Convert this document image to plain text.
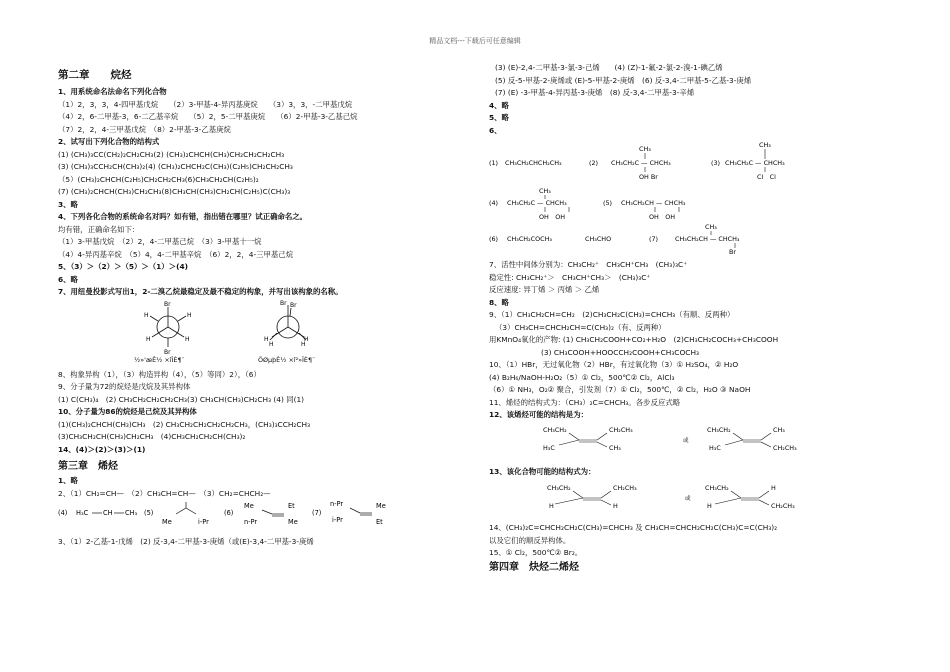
精品文档---下载后可任意编辑
第二章　　烷烃
1、用系统命名法命名下列化合物
（1）2，3，3，4-四甲基戊烷　　（2）3-甲基-4-异丙基庚烷　　（3）3，3，-二甲基戊烷
（4）2，6-二甲基-3，6-二乙基辛烷　　（5）2，5-二甲基庚烷　　（6）2-甲基-3-乙基己烷
（7）2，2，4-三甲基戊烷　（8）2-甲基-3-乙基庚烷
2、试写出下列化合物的结构式
(1) (CH₃)₃CC(CH₂)₂CH₂CH₃(2) (CH₃)₂CHCH(CH₃)CH₂CH₂CH₂CH₃
(3) (CH₃)₃CCH₂CH(CH₃)₂(4) (CH₃)₂CHCH₂C(CH₃)(C₂H₅)CH₂CH₂CH₃
（5）(CH₃)₂CHCH(C₂H₅)CH₂CH₂CH₃(6)CH₃CH₂CH(C₂H₅)₂
(7) (CH₃)₂CHCH(CH₃)CH₂CH₃(8)CH₃CH(CH₃)CH₂CH(C₂H₅)C(CH₃)₃
3、略
4、下列各化合物的系统命名对吗？如有错，指出错在哪里？试正确命名之。
均有错，正确命名如下：
（1）3-甲基戊烷　（2）2，4-二甲基己烷　（3）3-甲基十一烷
（4）4-异丙基辛烷　（5）4，4-二甲基辛烷　（6）2，2，4-三甲基己烷
5、（3）＞（2）＞（5）＞（1）＞(4)
6、略
7、用纽曼投影式写出1，2-二溴乙烷最稳定及最不稳定的构象，并写出该构象的名称。
Br
Br
H	H
H	H
Br Br
H
H
H
H
½»'æÊ½ ×îÎÈ¶¨	ÖØµþÊ½ ×î²»ÎÈ¶¨
8、构象异构（1），（3）构造异构（4），（5）等同）2），（6）
9、分子量为72的烷烃是戊烷及其异构体
(1) C(CH₃)₄　(2) CH₃CH₂CH₂CH₂CH₃(3) CH₃CH(CH₃)CH₂CH₃ (4) 同(1)
10、分子量为86的烷烃是己烷及其异构体
(1)(CH₃)₂CHCH(CH₃)CH₃　(2) CH₃CH₂CH₂CH₂CH₂CH₃，(CH₃)₃CCH₂CH₃
(3)CH₃CH₂CH(CH₃)CH₂CH₃　(4)CH₃CH₂CH₂CH(CH₃)₂
14、(4)＞(2)＞(3)＞(1)
第三章　烯烃
1、略
2、（1）CH₂=CH—　（2）CH₃CH=CH—　（3）CH₂=CHCH₂—
(4) H₃C CH CH₃ (5)
Me	i-Pr
(6)
Me
n-Pr
Et
Me
(7)
n-Pr
i-Pr
Me
Et
3、（1）2-乙基-1-戊烯　(2) 反-3,4-二甲基-3-庚烯（或(E)-3,4-二甲基-3-庚烯
(3) (E)-2,4-二甲基-3-氯-3-己烯　　(4) (Z)-1-氟-2-氯-2-溴-1-碘乙烯
(5) 反-5-甲基-2-庚烯或 (E)-5-甲基-2-庚烯　(6) 反-3,4-二甲基-5-乙基-3-庚烯
(7) (E) -3-甲基-4-异丙基-3-庚烯　(8) 反-3,4-二甲基-3-辛烯
4、略
5、略
6、
(1) CH₃CH₂CHCH₂CH₃	(2)
CH₃
CH₃CH₂C — CHCH₃
OH Br
(3)
CH₃
CH₃CH₂C — CHCH₃
Cl　Cl
(4)
CH₃
CH₃CH₂C — CHCH₃
OH　OH
(5) CH₃CH₂CH — CHCH₃
OH　OH
(6) CH₃CH₂COCH₃	CH₃CHO	(7)
CH₃
CH₃CH₂CH — CHCH₃
Br
7、活性中间体分别为：CH₃CH₂⁺　CH₃CH⁺CH₃　(CH₃)₃C⁺
稳定性: CH₃CH₂⁺＞　CH₃CH⁺CH₃＞　(CH₃)₃C⁺
反应速度: 异丁烯 ＞ 丙烯 ＞ 乙烯
8、略
9、（1）CH₃CH₂CH=CH₂　(2)CH₃CH₂C(CH₃)=CHCH₃（有顺、反两种）
（3）CH₃CH=CHCH₂CH=C(CH₃)₂（有、反两种）
用KMnO₄氧化的产物: (1) CH₃CH₂COOH+CO₂+H₂O　(2)CH₃CH₂COCH₃+CH₃COOH
(3) CH₃COOH+HOOCCH₂COOH+CH₃COCH₃
10、（1）HBr，无过氧化物（2）HBr，有过氧化物（3）① H₂SO₄，② H₂O
(4) B₂H₆/NaOH-H₂O₂（5）① Cl₂，500℃② Cl₂，AlCl₃
（6）① NH₃，O₂② 聚合，引发剂（7）① Cl₂，500℃，② Cl₂，H₂O ③ NaOH
11、烯烃的结构式为：（CH₃）₂C=CHCH₃。各步反应式略
12、该烯烃可能的结构是为：
CH₃CH₂
H₃C
CH₂CH₃
CH₃
或
CH₃CH₂
H₃C
CH₃
CH₂CH₃
13、该化合物可能的结构式为：
CH₃CH₂
H
CH₂CH₃
H
或
CH₃CH₂
H
H
CH₂CH₃
14、(CH₃)₂C=CHCH₂CH₂C(CH₃)=CHCH₃ 及 CH₃CH=CHCH₂CH₂C(CH₃)C=C(CH₃)₂
以及它们的顺反异构体。
15、① Cl₂，500℃② Br₂。
第四章　炔烃二烯烃
